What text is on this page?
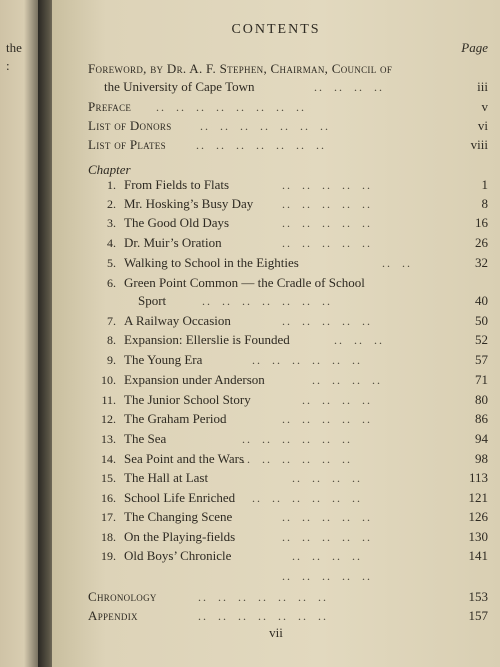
the
:
CONTENTS
Page
Foreword, by Dr. A. F. Stephen, Chairman, Council of
the University of Cape Town	..  ..  ..  ..	iii
Preface ..  ..  ..  ..  ..  ..  ..  ..	v
List of Donors ..  ..  ..  ..  ..  ..  ..	vi
List of Plates	..  ..  ..  ..  ..  ..  ..	viii
Chapter
1. From Fields to Flats	..  ..  ..  ..  ..	1
2. Mr. Hosking’s Busy Day ..  ..  ..  ..  ..	8
3. The Good Old Days	..  ..  ..  ..  ..	16
4. Dr. Muir’s Oration	..  ..  ..  ..  ..	26
5. Walking to School in the Eighties	..  ..	32
6. Green Point Common — the Cradle of School
Sport	..  ..  ..  ..  ..  ..  ..	40
7. A Railway Occasion	..  ..  ..  ..  ..	50
8. Expansion: Ellerslie is Founded	..  ..  ..	52
9. The Young Era	..  ..  ..  ..  ..  ..	57
10. Expansion under Anderson	..  ..  ..  ..	71
11. The Junior School Story	..  ..  ..  ..	80
12. The Graham Period	..  ..  ..  ..  ..	86
13. The Sea	..  ..  ..  ..  ..  ..	94
14. Sea Point and the Wars
..  ..  ..  ..  ..  ..	98
15. The Hall at Last	..  ..  ..  ..	113
16. School Life Enriched ..  ..  ..  ..  ..  ..	121
17. The Changing Scene	..  ..  ..  ..  ..	126
18. On the Playing-fields	..  ..  ..  ..  ..	130
19. Old Boys’ Chronicle	..  ..  ..  ..	141
..  ..  ..  ..  ..
Chronology	..  ..  ..  ..  ..  ..  ..	153
Appendix	..  ..  ..  ..  ..  ..  ..	157
vii
